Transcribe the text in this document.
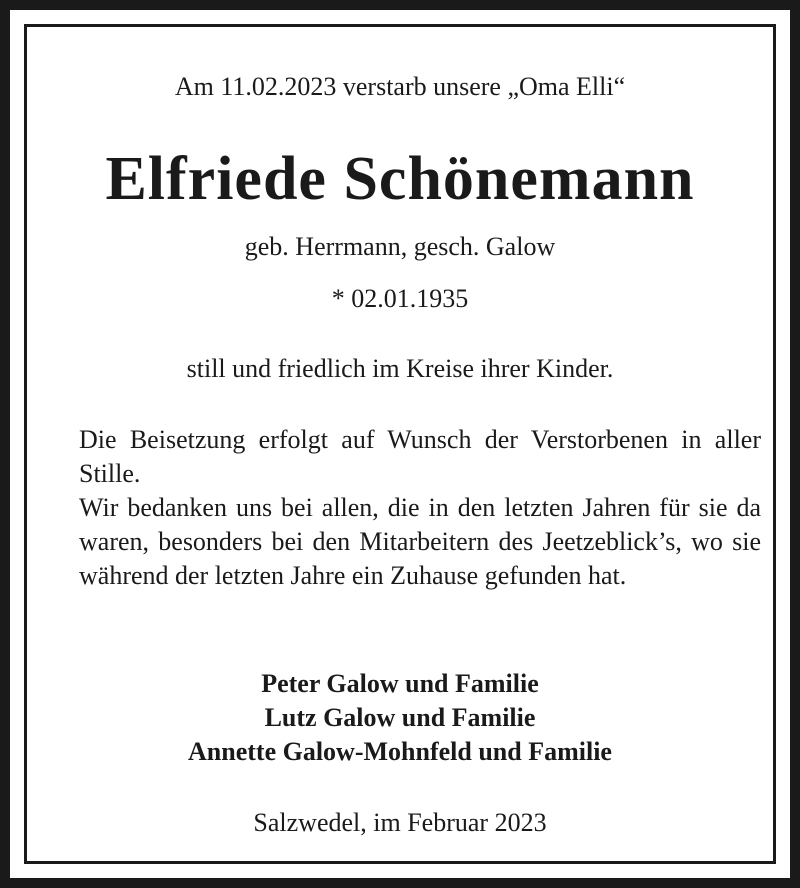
Am 11.02.2023 verstarb unsere „Oma Elli“
Elfriede Schönemann
geb. Herrmann, gesch. Galow
* 02.01.1935
still und friedlich im Kreise ihrer Kinder.

Die Beisetzung erfolgt auf Wunsch der Verstorbenen in aller Stille.

Wir bedanken uns bei allen, die in den letzten Jahren für sie da waren, besonders bei den Mitarbeitern des Jeetzeblick’s, wo sie während der letzten Jahre ein Zuhause gefunden hat.

Peter Galow und Familie
Lutz Galow und Familie
Annette Galow-Mohnfeld und Familie
Salzwedel, im Februar 2023
